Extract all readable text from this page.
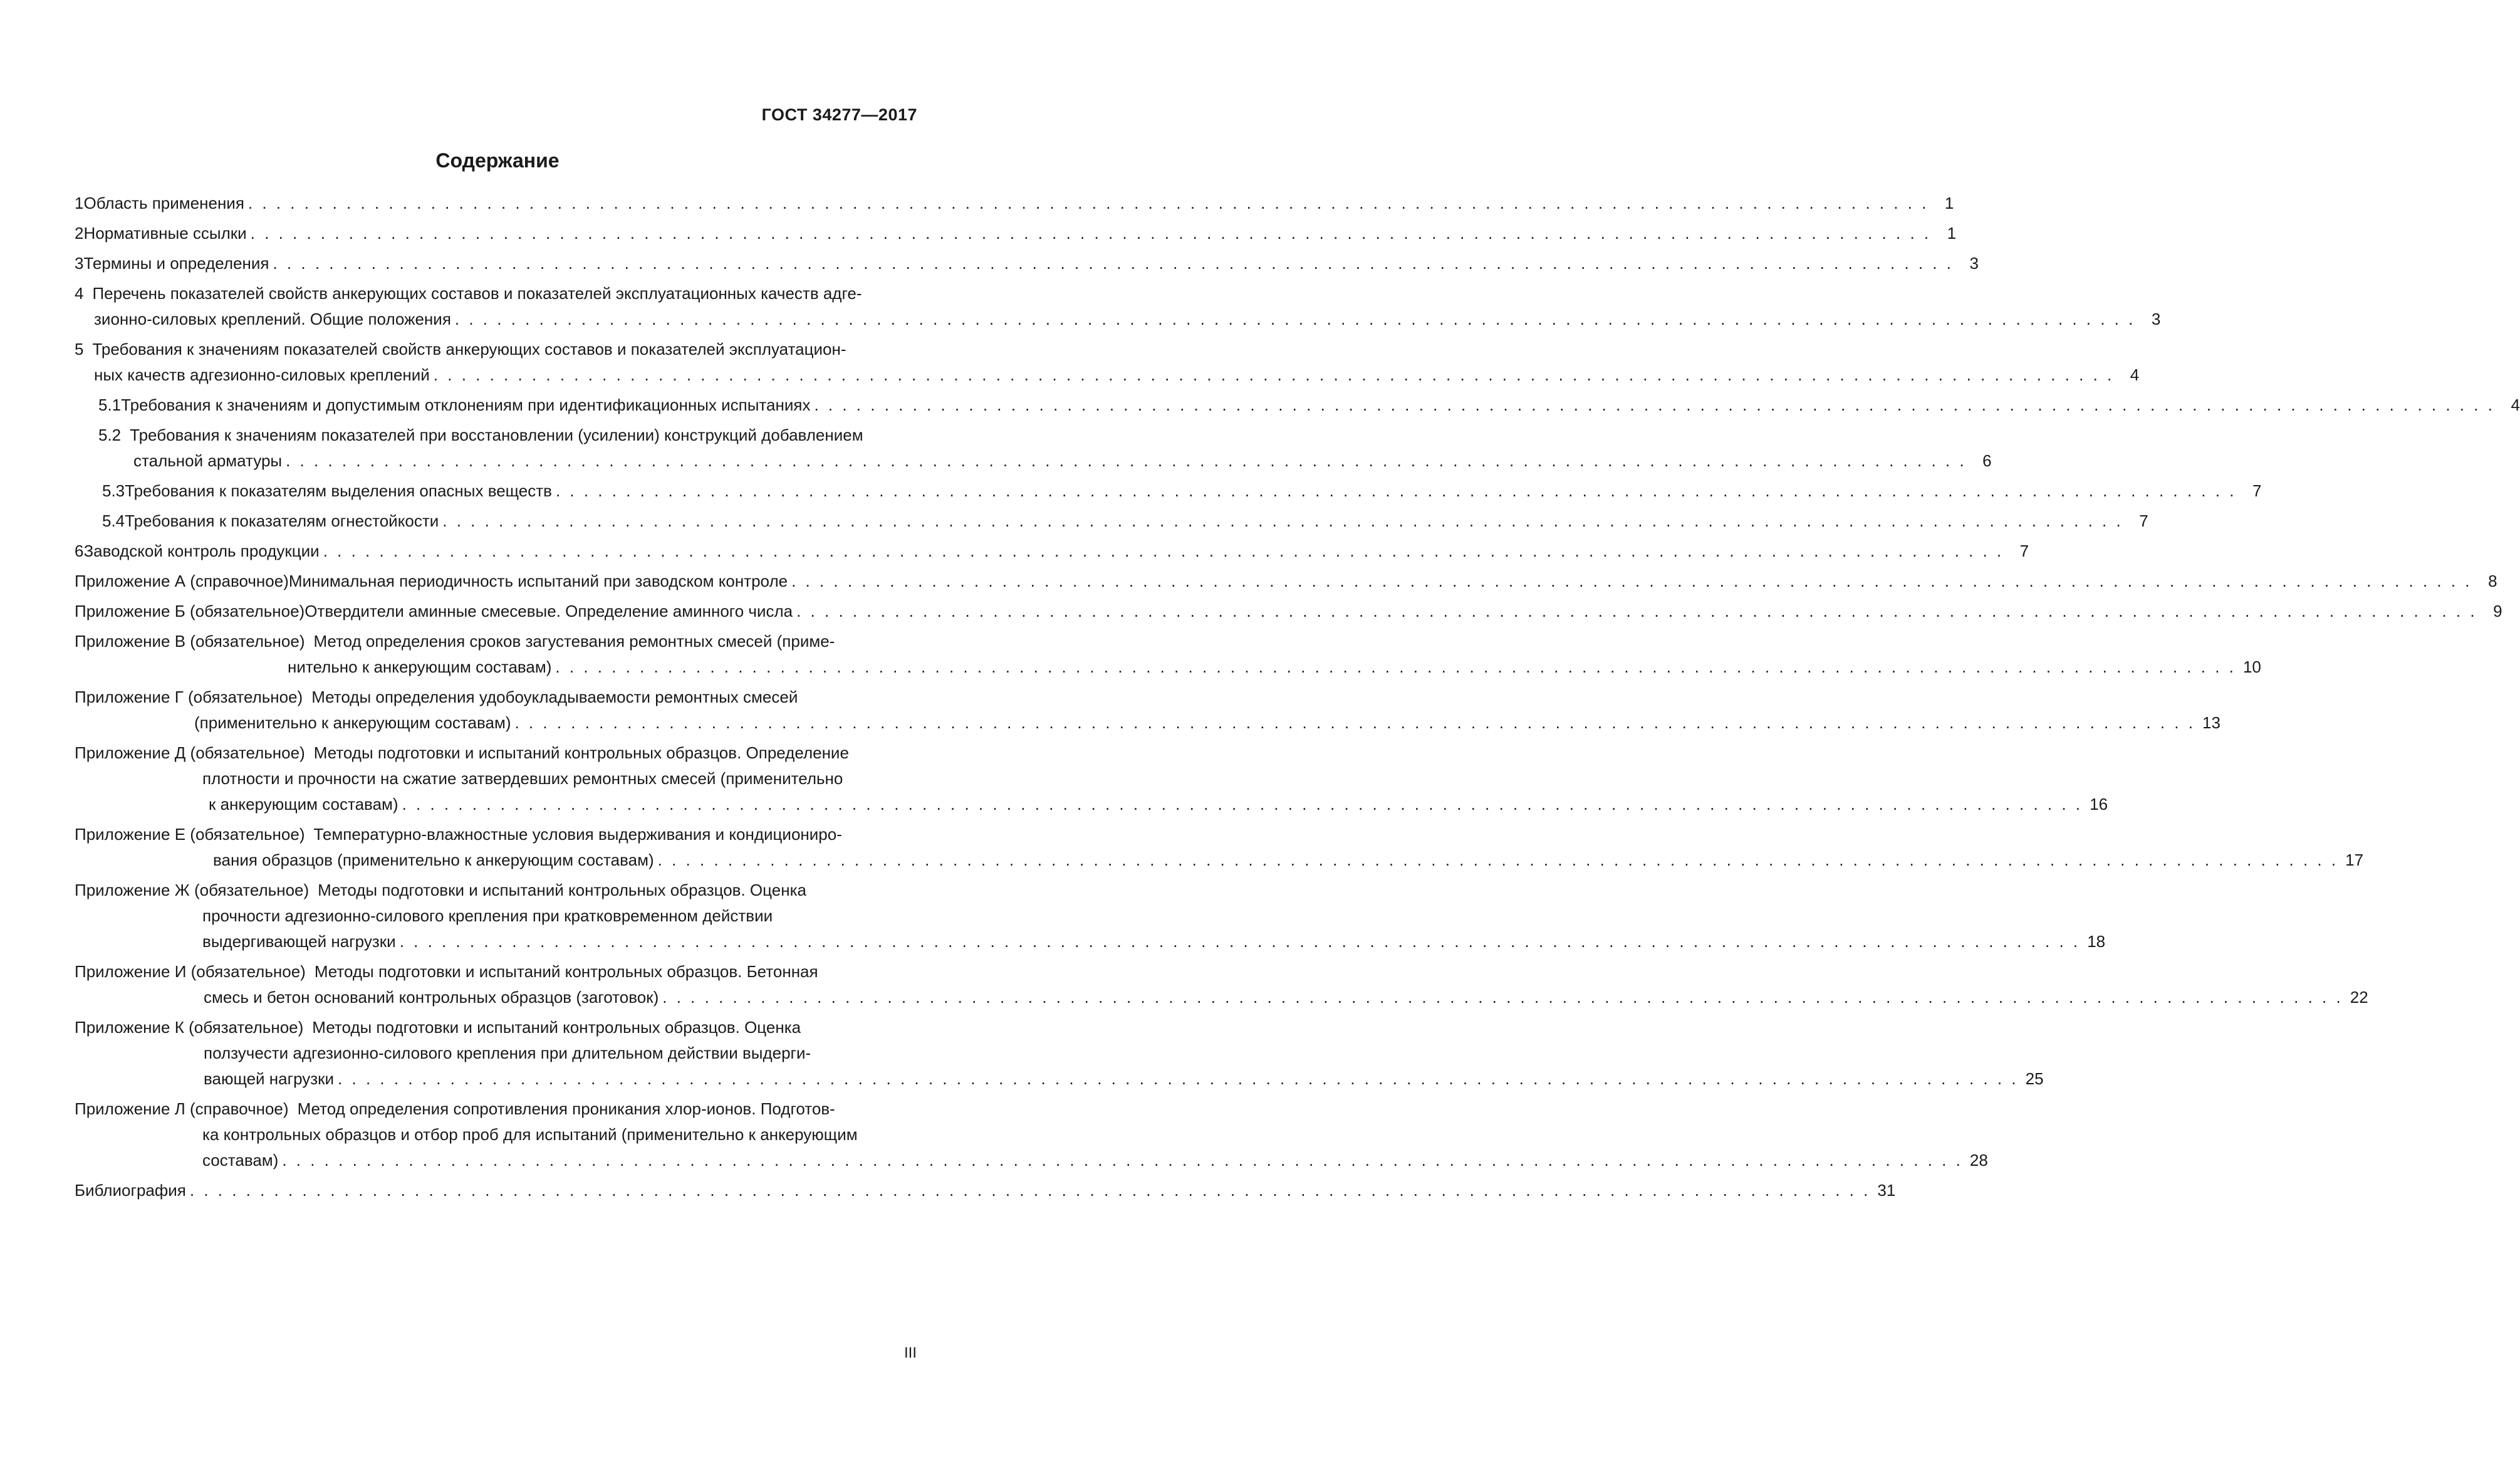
ГОСТ 34277—2017
Содержание
1 Область применения . . . . . . . . . . . . . . . . . . . . . . . . . . . . . . . . . . . . . . . . . . . . . . . . . . . . . . . . . . . . . . . . . . . . . . . . . . . . . . . . . . . . . . . . . . . . . . . . . . . . . . . . . . . . . . . . . . . . . . . . 1
2 Нормативные ссылки . . . . . . . . . . . . . . . . . . . . . . . . . . . . . . . . . . . . . . . . . . . . . . . . . . . . . . . . . . . . . . . . . . . . . . . . . . . . . . . . . . . . . . . . . . . . . . . . . . . . . . . . . . . . . . . . . . . . . . . . 1
3 Термины и определения . . . . . . . . . . . . . . . . . . . . . . . . . . . . . . . . . . . . . . . . . . . . . . . . . . . . . . . . . . . . . . . . . . . . . . . . . . . . . . . . . . . . . . . . . . . . . . . . . . . . . . . . . . . . . . . . . . . . . . . . 3
4 Перечень показателей свойств анкерующих составов и показателей эксплуатационных качеств адге-
зионно-силовых креплений. Общие положения . . . . . . . . . . . . . . . . . . . . . . . . . . . . . . . . . . . . . . . . . . . . . . . . . . . . . . . . . . . . . . . . . . . . . . . . . . . . . . . . . . . . . . . . . . . . . . . . . . . . . . . . . . . . . . . . . . . . . . . . 3
5 Требования к значениям показателей свойств анкерующих составов и показателей эксплуатацион-
ных качеств адгезионно-силовых креплений . . . . . . . . . . . . . . . . . . . . . . . . . . . . . . . . . . . . . . . . . . . . . . . . . . . . . . . . . . . . . . . . . . . . . . . . . . . . . . . . . . . . . . . . . . . . . . . . . . . . . . . . . . . . . . . . . . . . . . . . 4
5.1 Требования к значениям и допустимым отклонениям при идентификационных испытаниях . . . . . . . . . . . . . . . . . . . . . . . . . . . . . . . . . . . . . . . . . . . . . . . . . . . . . . . . . . . . . . . . . . . . . . . . . . . . . . . . . . . . . . . . . . . . . . . . . . . . . . . . . . . . . . . . . . . . . . . . 4
5.2 Требования к значениям показателей при восстановлении (усилении) конструкций добавлением
стальной арматуры . . . . . . . . . . . . . . . . . . . . . . . . . . . . . . . . . . . . . . . . . . . . . . . . . . . . . . . . . . . . . . . . . . . . . . . . . . . . . . . . . . . . . . . . . . . . . . . . . . . . . . . . . . . . . . . . . . . . . . . . 6
5.3 Требования к показателям выделения опасных веществ . . . . . . . . . . . . . . . . . . . . . . . . . . . . . . . . . . . . . . . . . . . . . . . . . . . . . . . . . . . . . . . . . . . . . . . . . . . . . . . . . . . . . . . . . . . . . . . . . . . . . . . . . . . . . . . . . . . . . . . . 7
5.4 Требования к показателям огнестойкости . . . . . . . . . . . . . . . . . . . . . . . . . . . . . . . . . . . . . . . . . . . . . . . . . . . . . . . . . . . . . . . . . . . . . . . . . . . . . . . . . . . . . . . . . . . . . . . . . . . . . . . . . . . . . . . . . . . . . . . . 7
6 Заводской контроль продукции . . . . . . . . . . . . . . . . . . . . . . . . . . . . . . . . . . . . . . . . . . . . . . . . . . . . . . . . . . . . . . . . . . . . . . . . . . . . . . . . . . . . . . . . . . . . . . . . . . . . . . . . . . . . . . . . . . . . . . . . 7
Приложение А (справочное) Минимальная периодичность испытаний при заводском контроле . . . . . . . . . . . . . . . . . . . . . . . . . . . . . . . . . . . . . . . . . . . . . . . . . . . . . . . . . . . . . . . . . . . . . . . . . . . . . . . . . . . . . . . . . . . . . . . . . . . . . . . . . . . . . . . . . . . . . . . . 8
Приложение Б (обязательное) Отвердители аминные смесевые. Определение аминного числа . . . . . . . . . . . . . . . . . . . . . . . . . . . . . . . . . . . . . . . . . . . . . . . . . . . . . . . . . . . . . . . . . . . . . . . . . . . . . . . . . . . . . . . . . . . . . . . . . . . . . . . . . . . . . . . . . . . . . . . . 9
Приложение В (обязательное) Метод определения сроков загустевания ремонтных смесей (приме-
нительно к анкерующим составам) . . . . . . . . . . . . . . . . . . . . . . . . . . . . . . . . . . . . . . . . . . . . . . . . . . . . . . . . . . . . . . . . . . . . . . . . . . . . . . . . . . . . . . . . . . . . . . . . . . . . . . . . . . . . . . . . . . . . . . . . 10
Приложение Г (обязательное) Методы определения удобоукладываемости ремонтных смесей
(применительно к анкерующим составам) . . . . . . . . . . . . . . . . . . . . . . . . . . . . . . . . . . . . . . . . . . . . . . . . . . . . . . . . . . . . . . . . . . . . . . . . . . . . . . . . . . . . . . . . . . . . . . . . . . . . . . . . . . . . . . . . . . . . . . . . 13
Приложение Д (обязательное) Методы подготовки и испытаний контрольных образцов. Определение
плотности и прочности на сжатие затвердевших ремонтных смесей (применительно
к анкерующим составам) . . . . . . . . . . . . . . . . . . . . . . . . . . . . . . . . . . . . . . . . . . . . . . . . . . . . . . . . . . . . . . . . . . . . . . . . . . . . . . . . . . . . . . . . . . . . . . . . . . . . . . . . . . . . . . . . . . . . . . . . 16
Приложение Е (обязательное) Температурно-влажностные условия выдерживания и кондициониро-
вания образцов (применительно к анкерующим составам) . . . . . . . . . . . . . . . . . . . . . . . . . . . . . . . . . . . . . . . . . . . . . . . . . . . . . . . . . . . . . . . . . . . . . . . . . . . . . . . . . . . . . . . . . . . . . . . . . . . . . . . . . . . . . . . . . . . . . . . . 17
Приложение Ж (обязательное) Методы подготовки и испытаний контрольных образцов. Оценка
прочности адгезионно-силового крепления при кратковременном действии
выдергивающей нагрузки . . . . . . . . . . . . . . . . . . . . . . . . . . . . . . . . . . . . . . . . . . . . . . . . . . . . . . . . . . . . . . . . . . . . . . . . . . . . . . . . . . . . . . . . . . . . . . . . . . . . . . . . . . . . . . . . . . . . . . . . 18
Приложение И (обязательное) Методы подготовки и испытаний контрольных образцов. Бетонная
смесь и бетон оснований контрольных образцов (заготовок) . . . . . . . . . . . . . . . . . . . . . . . . . . . . . . . . . . . . . . . . . . . . . . . . . . . . . . . . . . . . . . . . . . . . . . . . . . . . . . . . . . . . . . . . . . . . . . . . . . . . . . . . . . . . . . . . . . . . . . . . 22
Приложение К (обязательное) Методы подготовки и испытаний контрольных образцов. Оценка
ползучести адгезионно-силового крепления при длительном действии выдерги-
вающей нагрузки . . . . . . . . . . . . . . . . . . . . . . . . . . . . . . . . . . . . . . . . . . . . . . . . . . . . . . . . . . . . . . . . . . . . . . . . . . . . . . . . . . . . . . . . . . . . . . . . . . . . . . . . . . . . . . . . . . . . . . . . 25
Приложение Л (справочное) Метод определения сопротивления проникания хлор-ионов. Подготов-
ка контрольных образцов и отбор проб для испытаний (применительно к анкерующим
составам) . . . . . . . . . . . . . . . . . . . . . . . . . . . . . . . . . . . . . . . . . . . . . . . . . . . . . . . . . . . . . . . . . . . . . . . . . . . . . . . . . . . . . . . . . . . . . . . . . . . . . . . . . . . . . . . . . . . . . . . . 28
Библиография . . . . . . . . . . . . . . . . . . . . . . . . . . . . . . . . . . . . . . . . . . . . . . . . . . . . . . . . . . . . . . . . . . . . . . . . . . . . . . . . . . . . . . . . . . . . . . . . . . . . . . . . . . . . . . . . . . . . . . . . 31
III
